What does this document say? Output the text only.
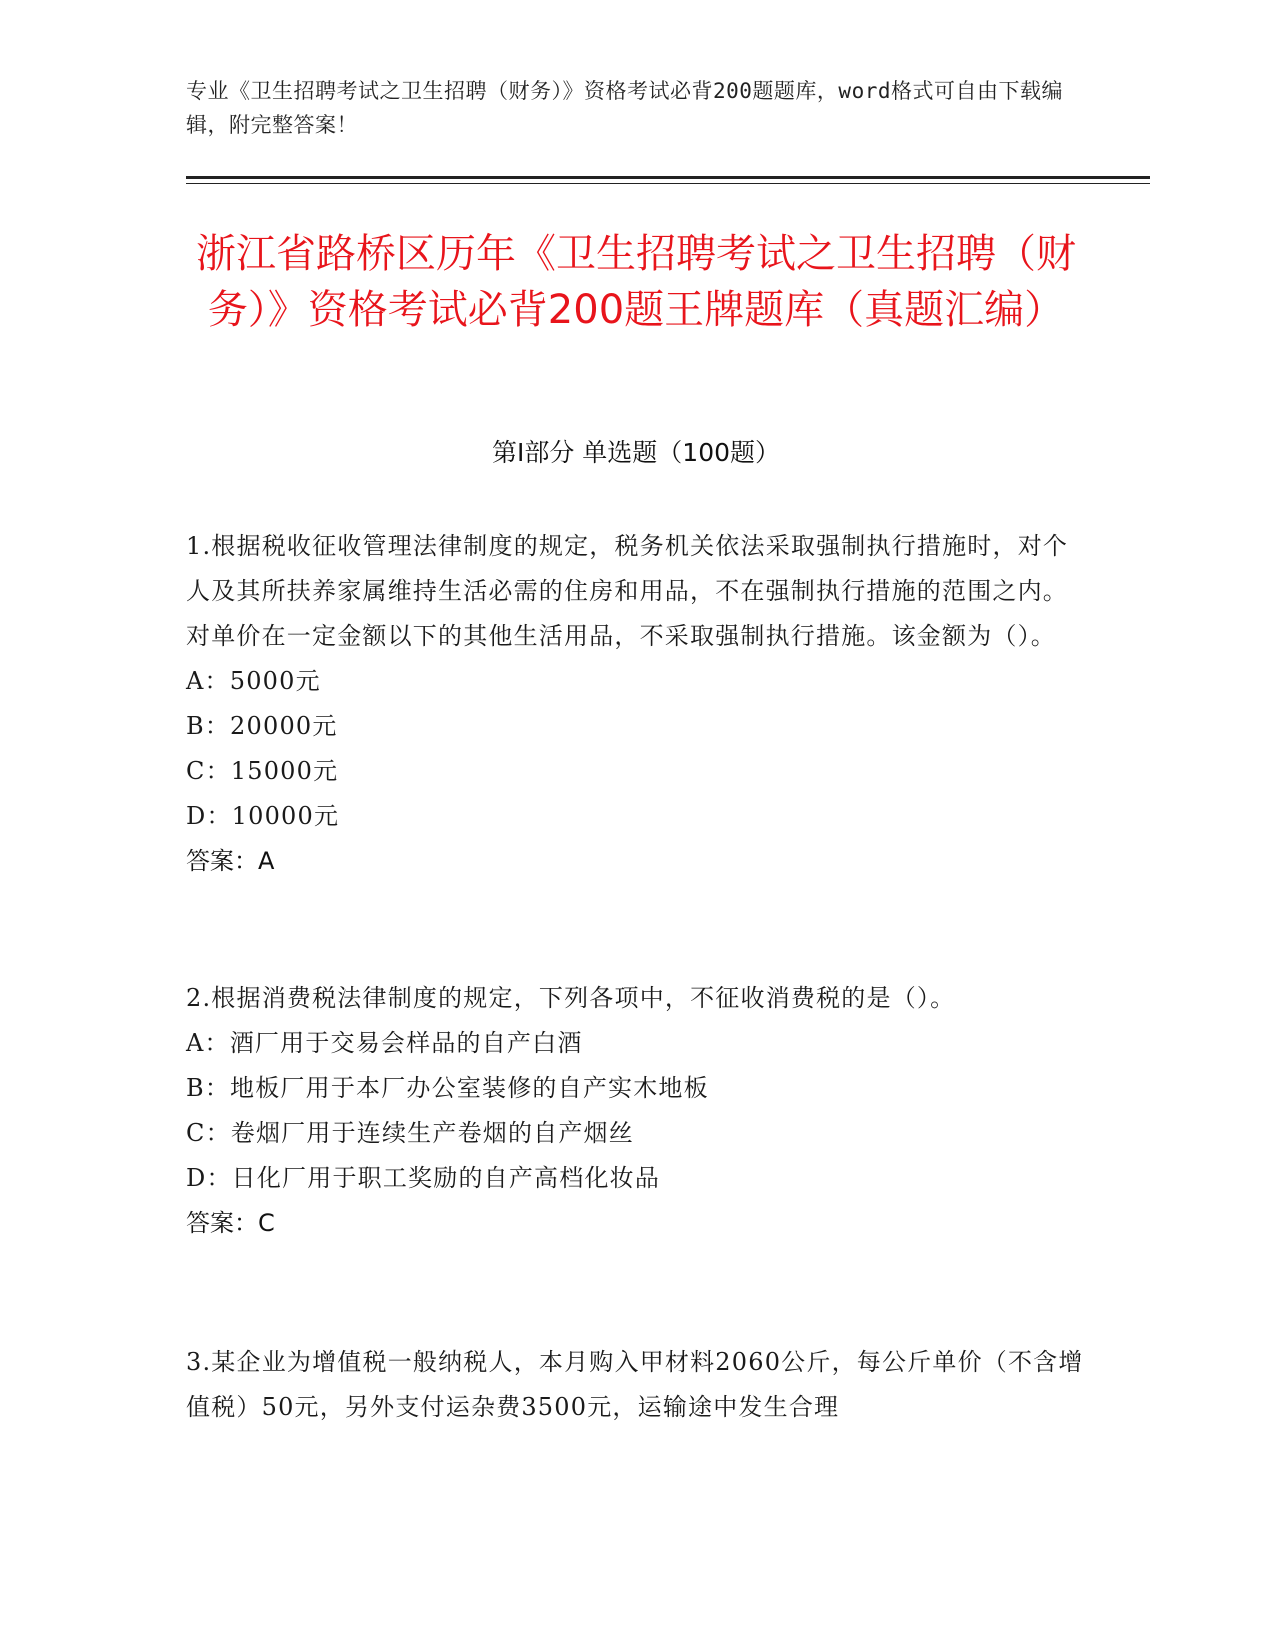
专业《卫生招聘考试之卫生招聘（财务）》资格考试必背200题题库，word格式可自由下载编辑，附完整答案！
浙江省路桥区历年《卫生招聘考试之卫生招聘（财务）》资格考试必背200题王牌题库（真题汇编）
第I部分 单选题（100题）
1.根据税收征收管理法律制度的规定，税务机关依法采取强制执行措施时，对个人及其所扶养家属维持生活必需的住房和用品，不在强制执行措施的范围之内。对单价在一定金额以下的其他生活用品，不采取强制执行措施。该金额为（）。
A：5000元
B：20000元
C：15000元
D：10000元
答案：A
2.根据消费税法律制度的规定，下列各项中，不征收消费税的是（）。
A：酒厂用于交易会样品的自产白酒
B：地板厂用于本厂办公室装修的自产实木地板
C：卷烟厂用于连续生产卷烟的自产烟丝
D：日化厂用于职工奖励的自产高档化妆品
答案：C
3.某企业为增值税一般纳税人，本月购入甲材料2060公斤，每公斤单价（不含增值税）50元，另外支付运杂费3500元，运输途中发生合理
